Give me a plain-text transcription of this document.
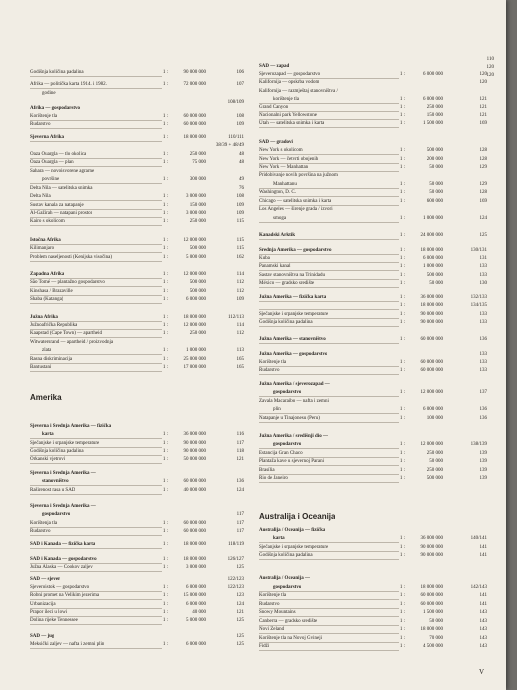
110
120
120
Godišnja količina padalina	1 :	90 000 000	106
Afrika — politička karta 1914. i 1982.	1 :	72 000 000	107
godine
108/109
Afrika — gospodarstvo
Korištenje tla	1 :	60 000 000	108
Rudarstvo	1 :	60 000 000	109
Sjeverna Afrika	1 :	18 000 000	110/111
38/39 + 48/49
Oaza Ouargla — tlo okolica	1 :	250 000	48
Oaza Ouargla — plan	1 :	75 000	48
Sahara — novoisvorene agrarne
površine	1 :	300 000	49
Delta Nila — satelitska snimka	76
Delta Nila	1 :	3 000 000	108
Sustav kanala za natapanje	1 :	150 000	109
Al-Gažirah — natapani prostor	1 :	3 000 000	109
Kairo s okolicom	1 :	250 000	115
Istočna Afrika	1 :	12 000 000	115
Kilimanjaro	1 :	500 000	115
Problem naseljenosti (Kenijska visočina)	1 :	5 000 000	162
Zapadna Afrika	1 :	12 000 000	114
São Tomé — plantažno gospodarstvo	1 :	500 000	112
Kinshasa / Brazaville	1 :	500 000	112
Shaba (Katanga)	1 :	6 000 000	109
Južna Afrika	1 :	18 000 000	112/113
Južnoafrička Republika	1 :	12 000 000	114
Kaapstad (Cape Town) — apartheid	1 :	250 000	112
Witwatersrand — apartheid / proizvodnja
zlata	1 :	1 000 000	113
Rasna diskriminacija	1 :	25 000 000	165
Bantustani	1 :	17 000 000	165
Amerika
Sjeverna i Srednja Amerika — fizička
karta	1 :	36 000 000	116
Sječanjske i srpanjske temperature	1 :	90 000 000	117
Godišnja količina padalina	1 :	90 000 000	118
Orkanski vjetrovi	1 :	50 000 000	121
Sjeverna i Srednja Amerika —
stanovništvo	1 :	60 000 000	136
Raširenost rasa u SAD	1 :	40 000 000	124
Sjeverna i Srednja Amerika —
gospodarstvo	117
Korištenja tla	1 :	60 000 000	117
Rudarstvo	1 :	60 000 000	117
SAD i Kanada — fizička karta	1 :	18 000 000	118/119
SAD i Kanada — gospodarstvo	1 :	18 000 000	126/127
Južna Alaska — Cookov zaljev	1 :	3 000 000	125
SAD — sjever	122/123
Sjeveroistok — gospodarstvo	1 :	6 000 000	122/123
Robni promet na Velikim jezerima	1 :	15 000 000	123
Urbanizacija	1 :	6 000 000	124
Prapor ileci u lowi	1 :	40 000	121
Dolina rijeke Tennessee	1 :	5 000 000	125
SAD — jug	125
Meksički zaljev — nafta i zemni plin	1 :	6 000 000	125
SAD — zapad
Sjeverozapad — gospodarstvo	1 :	6 000 000	120
Kalifornija — opskrba vodom	120
Kalifornija — razmještaj stanovništva /
korištenje tla	1 :	6 000 000	121
Grand Canyon	1 :	250 000	121
Nacionalni park Yellowstone	1 :	150 000	121
Utah — satelitska snimka i karta	1 :	1 500 000	169
SAD — gradovi
New York s okolicom	1 :	500 000	128
New York — četvrti obojenih	1 :	200 000	128
New York — Manhattan	1 :	50 000	129
Pridobivanje novih površina na južnom
Manhattanu	1 :	50 000	129
Washington, D. C.	1 :	50 000	128
Chicago — satelitska snimka i karta	1 :	600 000	169
Los Angeles — širenje grada / izvori
smoga	1 :	1 000 000	124
Kanadski Arktik	1 :	24 000 000	125
Srednja Amerika — gospodarstvo	1 :	18 000 000	130/131
Kuba	1 :	6 000 000	131
Panamski kanal	1 :	1 000 000	133
Sastav stanovništva na Trinidadu	1 :	500 000	133
México — gradsko središte	1 :	50 000	130
Južna Amerika — fizička karta	1 :	36 000 000	132/133
1 :	18 000 000	134/135
Sječanjske i srpanjske temperature	1 :	90 000 000	133
Godišnja količina padalina	1 :	90 000 000	133
Južna Amerika — stanovništvo	1 :	60 000 000	136
Južna Amerika — gospodarstvo	133
Korištenje tla	1 :	60 000 000	133
Rudarstvo	1 :	60 000 000	133
Južna Amerika / sjeverozapad —
gospodarstvo	1 :	12 000 000	137
Zavala Macaraibo — nafta i zemni
plin	1 :	6 000 000	136
Natapanje u Tinajonesu (Peru)	1 :	100 000	136
Južna Amerika / središnji dio —
gospodarstvo	1 :	12 000 000	138/139
Estancija Gran Chaco	1 :	250 000	139
Plantaža kave u sjevernoj Parani	1 :	50 000	139
Brasília	1 :	250 000	139
Rio de Janeiro	1 :	500 000	139
Australija i Oceanija
Australija / Oceanija — fizička
karta	1 :	36 000 000	140/141
Sječanjske i srpanjske temperature	1 :	90 000 000	141
Godišnja količina padalina	1 :	90 000 000	141
Australija / Oceanija —
gospodarstvo	1 :	18 000 000	142/143
Korištenje tla	1 :	60 000 000	141
Rudarstvo	1 :	60 000 000	141
Snowy Mountains	1 :	1 500 000	143
Canberra — gradsko središte	1 :	50 000	143
Novi Zeland	1 :	18 000 000	143
Korištenje tla na Novoj Gvineji	1 :	70 000	143
Fidži	1 :	4 500 000	143
V
